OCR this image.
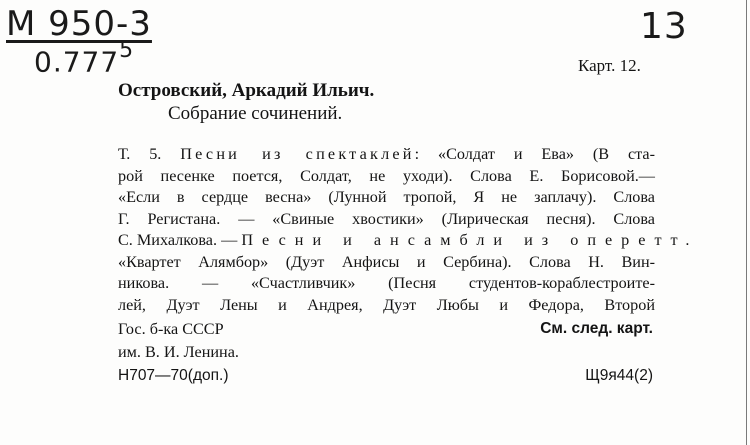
М 950-3
0.777$^5$
13
Карт. 12.
Островский, Аркадий Ильич.
Собрание сочинений.
Т. 5. Песни из спектаклей: «Солдат и Ева» (В ста-
рой песенке поется, Солдат, не уходи). Слова Е. Борисовой.—
«Если в сердце весна» (Лунной тропой, Я не заплачу). Слова
Г. Регистана. — «Свиные хвостики» (Лирическая песня). Слова
С. Михалкова. — Песни и ансамбли из оперетт.
«Квартет Алямбор» (Дуэт Анфисы и Сербина). Слова Н. Вин-
никова. — «Счастливчик» (Песня студентов-кораблестроите-
лей, Дуэт Лены и Андрея, Дуэт Любы и Федора, Второй
Гос. б-ка СССР	См. след. карт.
им. В. И. Ленина.
Н707—70(доп.)	Щ9я44(2)
